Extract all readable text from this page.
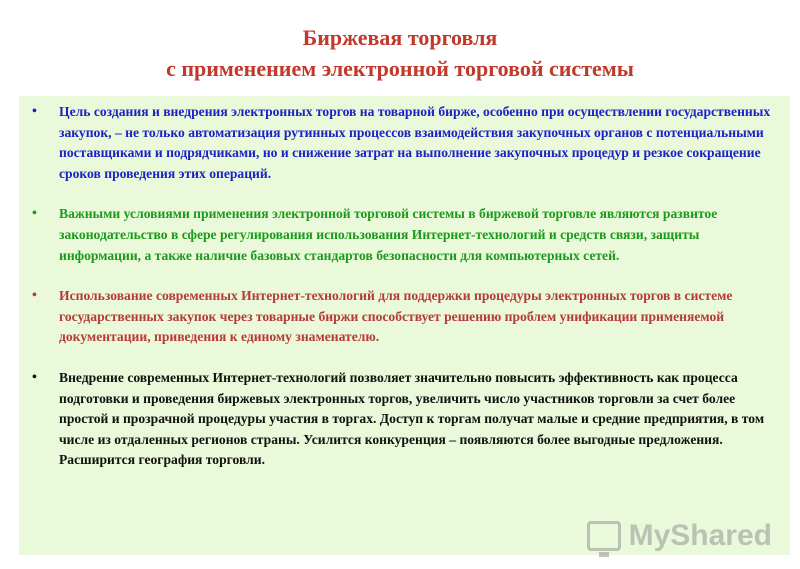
Биржевая торговля
с применением электронной торговой системы
• Цель создания и внедрения электронных торгов на товарной бирже, особенно при осуществлении государственных закупок, – не только автоматизация рутинных процессов взаимодействия закупочных органов с потенциальными поставщиками и подрядчиками, но и снижение затрат на выполнение закупочных процедур и резкое сокращение сроков проведения этих операций.
• Важными условиями применения электронной торговой системы в биржевой торговле являются развитое законодательство в сфере регулирования использования Интернет-технологий и средств связи, защиты информации, а также наличие базовых стандартов безопасности для компьютерных сетей.
• Использование современных Интернет-технологий для поддержки процедуры электронных торгов в системе государственных закупок через товарные биржи способствует решению проблем унификации применяемой документации, приведения к единому знаменателю.
• Внедрение современных Интернет-технологий позволяет значительно повысить эффективность как процесса подготовки и проведения биржевых электронных торгов, увеличить число участников торговли за счет более простой и прозрачной процедуры участия в торгах. Доступ к торгам получат малые и средние предприятия, в том числе из отдаленных регионов страны. Усилится конкуренция – появляются более выгодные предложения. Расширится география торговли.
MyShared
